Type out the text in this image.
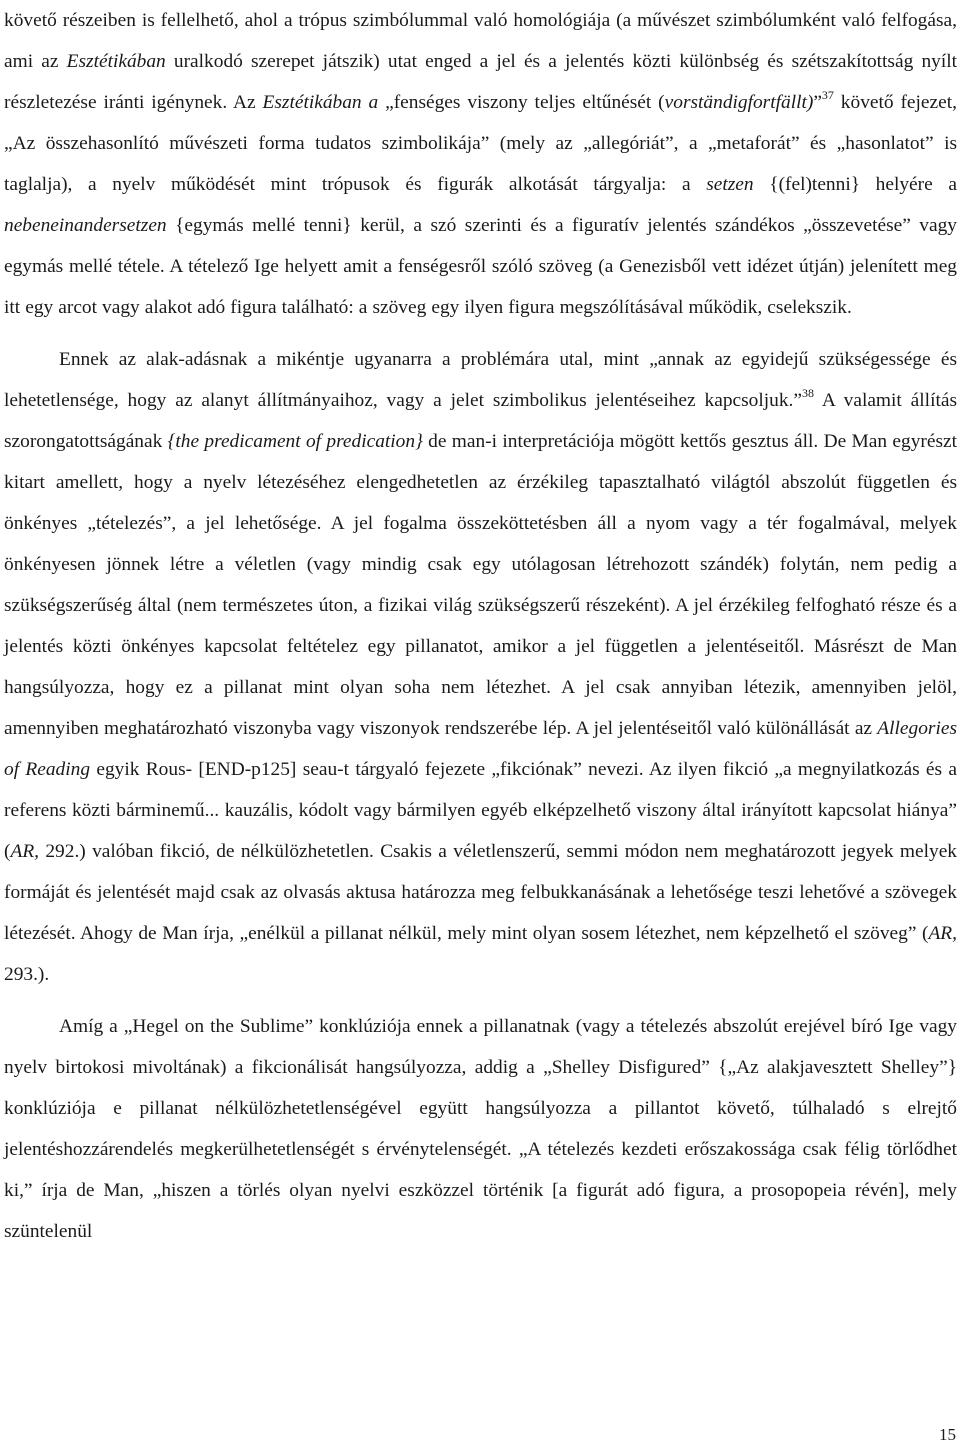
követő részeiben is fellelhető, ahol a trópus szimbólummal való homológiája (a művészet szimbólumként való felfogása, ami az Esztétikában uralkodó szerepet játszik) utat enged a jel és a jelentés közti különbség és szétszakítottság nyílt részletezése iránti igénynek. Az Esztétikában a „fenséges viszony teljes eltűnését (vorständigfortfällt)”$^{37}$ követő fejezet, „Az összehasonlító művészeti forma tudatos szimbolikája” (mely az „allegóriát”, a „metaforát” és „hasonlatot” is taglalja), a nyelv működését mint trópusok és figurák alkotását tárgyalja: a setzen {(fel)tenni} helyére a nebeneinandersetzen {egymás mellé tenni} kerül, a szó szerinti és a figuratív jelentés szándékos „összevetése” vagy egymás mellé tétele. A tételező Ige helyett amit a fenségesről szóló szöveg (a Genezisből vett idézet útján) jelenített meg itt egy arcot vagy alakot adó figura található: a szöveg egy ilyen figura megszólításával működik, cselekszik.

Ennek az alak-adásnak a mikéntje ugyanarra a problémára utal, mint „annak az egyidejű szükségessége és lehetetlensége, hogy az alanyt állítmányaihoz, vagy a jelet szimbolikus jelentéseihez kapcsoljuk.”$^{38}$ A valamit állítás szorongatottságának {the predicament of predication} de man-i interpretációja mögött kettős gesztus áll. De Man egyrészt kitart amellett, hogy a nyelv létezéséhez elengedhetetlen az érzékileg tapasztalható világtól abszolút független és önkényes „tételezés”, a jel lehetősége. A jel fogalma összeköttetésben áll a nyom vagy a tér fogalmával, melyek önkényesen jönnek létre a véletlen (vagy mindig csak egy utólagosan létrehozott szándék) folytán, nem pedig a szükségszerűség által (nem természetes úton, a fizikai világ szükségszerű részeként). A jel érzékileg felfogható része és a jelentés közti önkényes kapcsolat feltételez egy pillanatot, amikor a jel független a jelentéseitől. Másrészt de Man hangsúlyozza, hogy ez a pillanat mint olyan soha nem létezhet. A jel csak annyiban létezik, amennyiben jelöl, amennyiben meghatározható viszonyba vagy viszonyok rendszerébe lép. A jel jelentéseitől való különállását az Allegories of Reading egyik Rous- [END-p125] seau-t tárgyaló fejezete „fikciónak” nevezi. Az ilyen fikció „a megnyilatkozás és a referens közti bárminemű... kauzális, kódolt vagy bármilyen egyéb elképzelhető viszony által irányított kapcsolat hiánya” (AR, 292.) valóban fikció, de nélkülözhetetlen. Csakis a véletlenszerű, semmi módon nem meghatározott jegyek melyek formáját és jelentését majd csak az olvasás aktusa határozza meg felbukkanásának a lehetősége teszi lehetővé a szövegek létezését. Ahogy de Man írja, „enélkül a pillanat nélkül, mely mint olyan sosem létezhet, nem képzelhető el szöveg” (AR, 293.).

Amíg a „Hegel on the Sublime” konklúziója ennek a pillanatnak (vagy a tételezés abszolút erejével bíró Ige vagy nyelv birtokosi mivoltának) a fikcionálisát hangsúlyozza, addig a „Shelley Disfigured” {„Az alakjavesztett Shelley”} konklúziója e pillanat nélkülözhetetlenségével együtt hangsúlyozza a pillantot követő, túlhaladó s elrejtő jelentéshozzárendelés megkerülhetetlenségét s érvénytelenségét. „A tételezés kezdeti erőszakossága csak félig törlődhet ki,” írja de Man, „hiszen a törlés olyan nyelvi eszközzel történik [a figurát adó figura, a prosopopeia révén], mely szüntelenül

15
